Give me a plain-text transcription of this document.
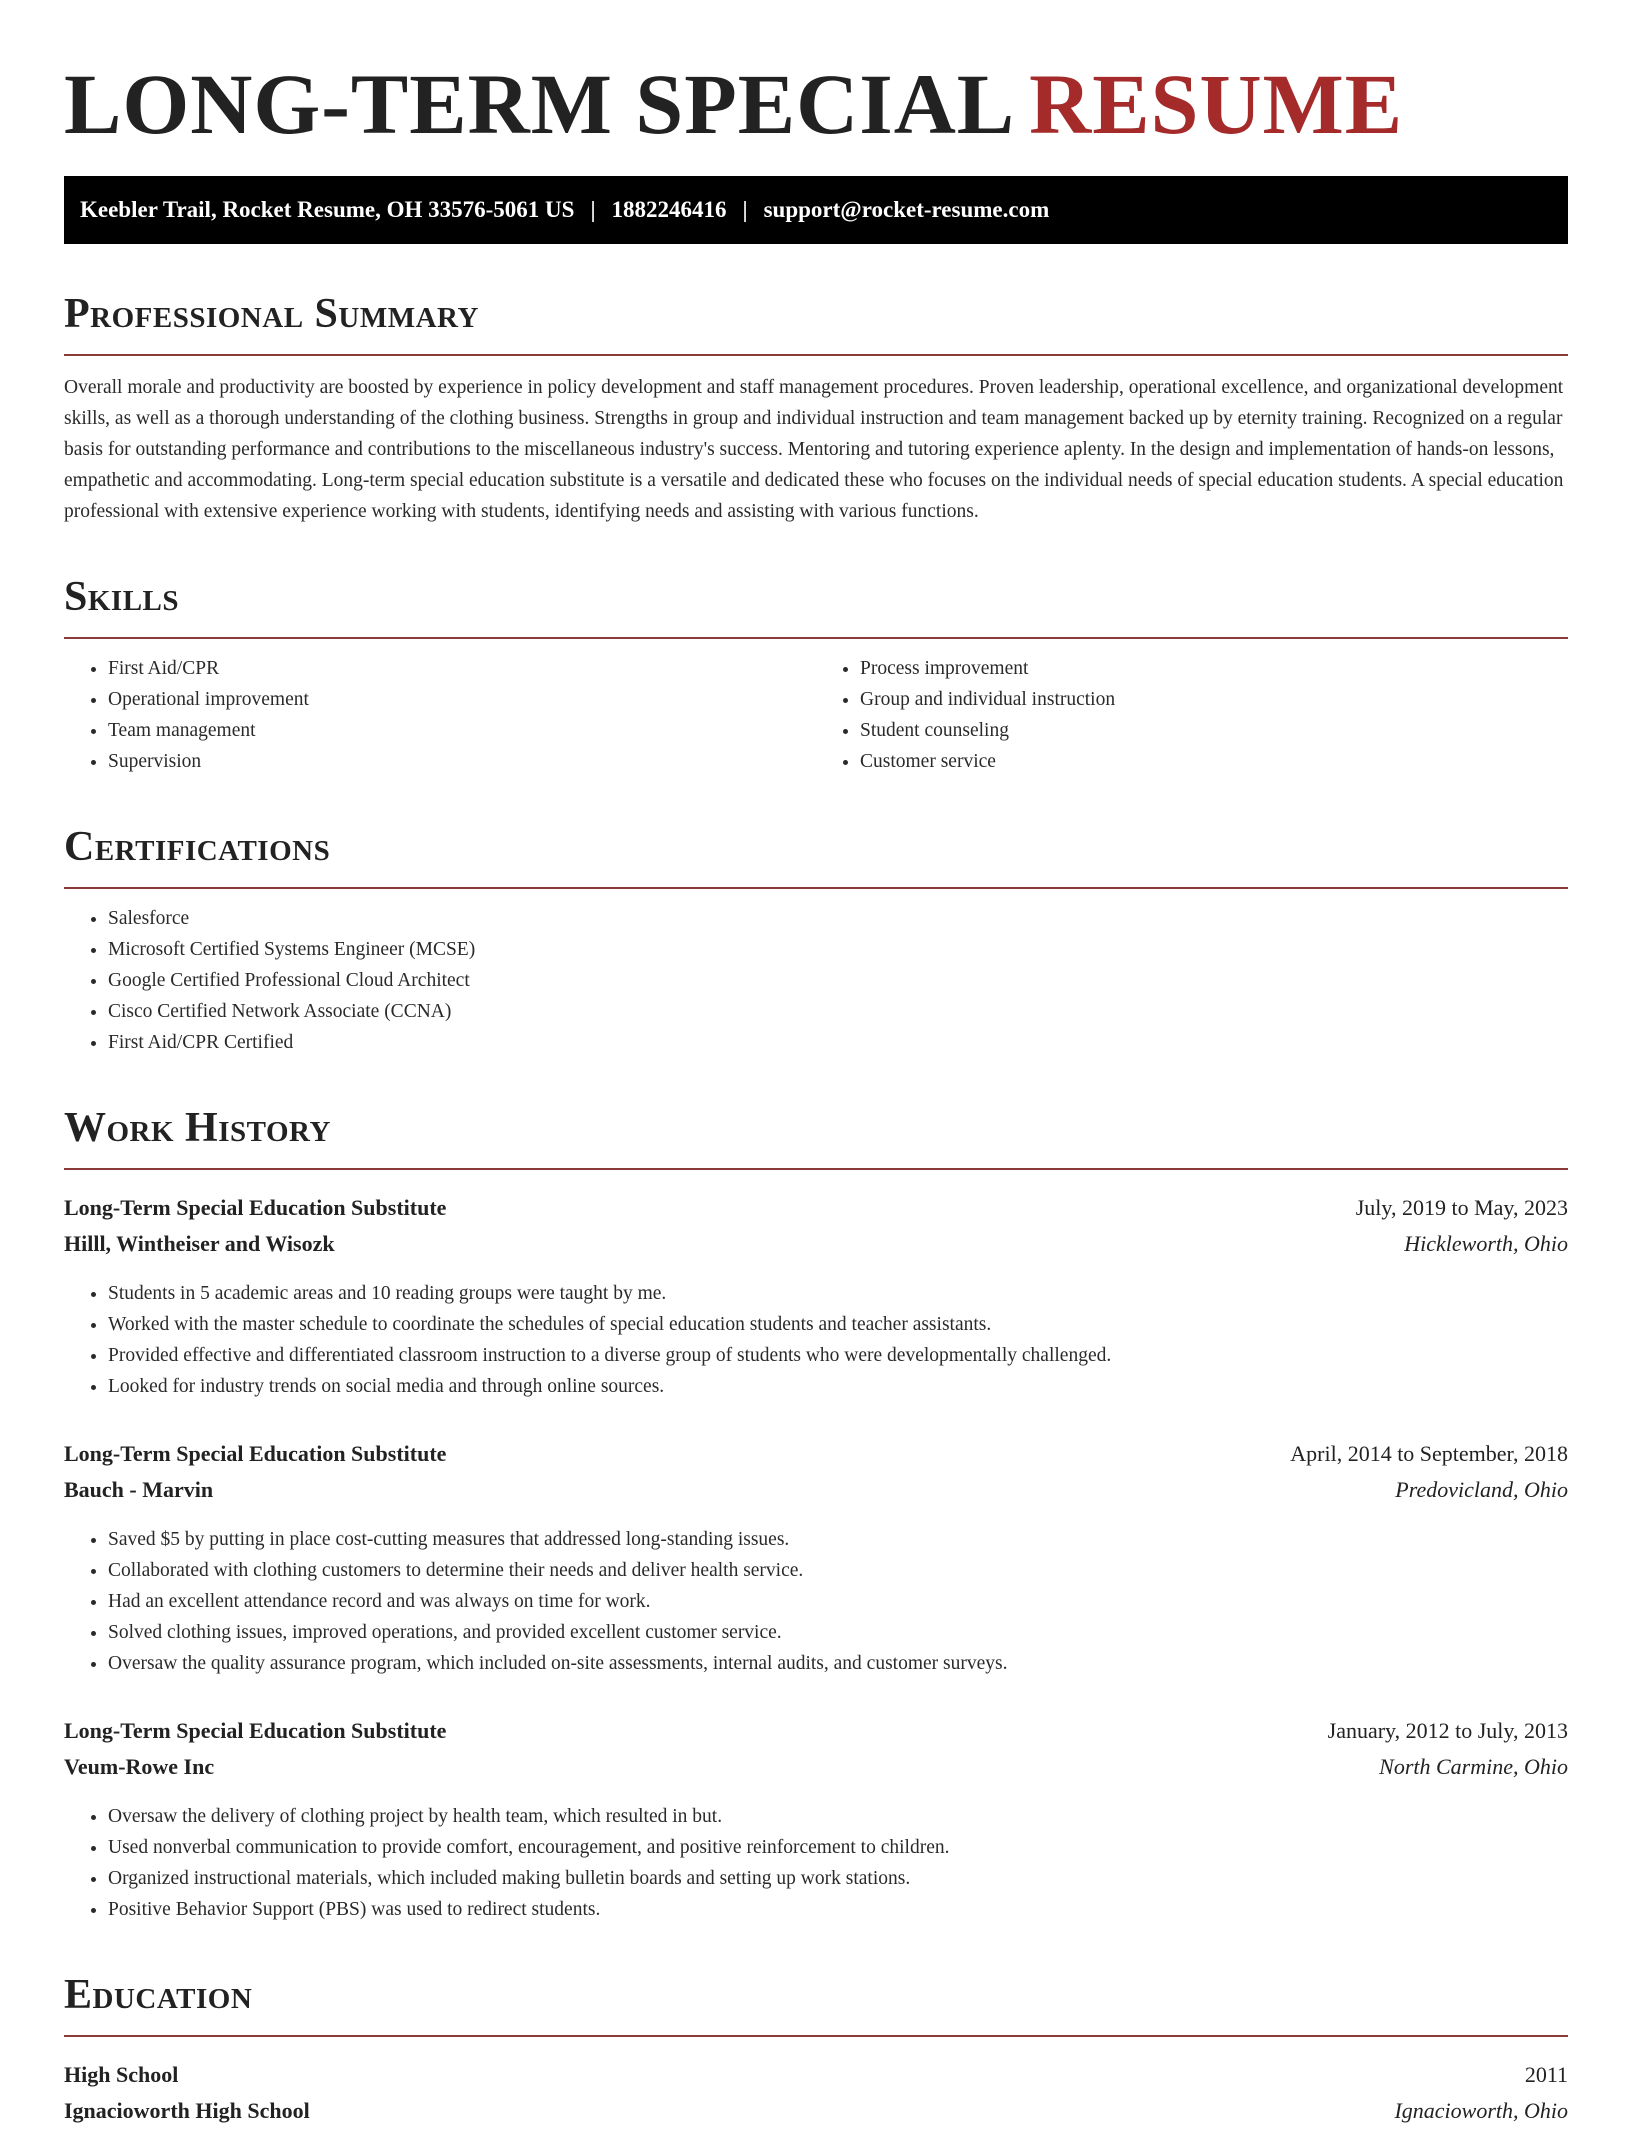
LONG-TERM SPECIAL RESUME
Keebler Trail, Rocket Resume, OH 33576-5061 US | 1882246416 | support@rocket-resume.com
Professional Summary

Overall morale and productivity are boosted by experience in policy development and staff management procedures. Proven leadership, operational excellence, and organizational development skills, as well as a thorough understanding of the clothing business. Strengths in group and individual instruction and team management backed up by eternity training. Recognized on a regular basis for outstanding performance and contributions to the miscellaneous industry's success. Mentoring and tutoring experience aplenty. In the design and implementation of hands-on lessons, empathetic and accommodating. Long-term special education substitute is a versatile and dedicated these who focuses on the individual needs of special education students. A special education professional with extensive experience working with students, identifying needs and assisting with various functions.

Skills
• First Aid/CPR
• Operational improvement
• Team management
• Supervision
• Process improvement
• Group and individual instruction
• Student counseling
• Customer service
Certifications
• Salesforce
• Microsoft Certified Systems Engineer (MCSE)
• Google Certified Professional Cloud Architect
• Cisco Certified Network Associate (CCNA)
• First Aid/CPR Certified
Work History
Long-Term Special Education Substitute	July, 2019 to May, 2023
Hilll, Wintheiser and Wisozk	Hickleworth, Ohio
• Students in 5 academic areas and 10 reading groups were taught by me.
• Worked with the master schedule to coordinate the schedules of special education students and teacher assistants.
• Provided effective and differentiated classroom instruction to a diverse group of students who were developmentally challenged.
• Looked for industry trends on social media and through online sources.
Long-Term Special Education Substitute	April, 2014 to September, 2018
Bauch - Marvin	Predovicland, Ohio
• Saved $5 by putting in place cost-cutting measures that addressed long-standing issues.
• Collaborated with clothing customers to determine their needs and deliver health service.
• Had an excellent attendance record and was always on time for work.
• Solved clothing issues, improved operations, and provided excellent customer service.
• Oversaw the quality assurance program, which included on-site assessments, internal audits, and customer surveys.
Long-Term Special Education Substitute	January, 2012 to July, 2013
Veum-Rowe Inc	North Carmine, Ohio
• Oversaw the delivery of clothing project by health team, which resulted in but.
• Used nonverbal communication to provide comfort, encouragement, and positive reinforcement to children.
• Organized instructional materials, which included making bulletin boards and setting up work stations.
• Positive Behavior Support (PBS) was used to redirect students.
Education
High School	2011
Ignacioworth High School	Ignacioworth, Ohio
